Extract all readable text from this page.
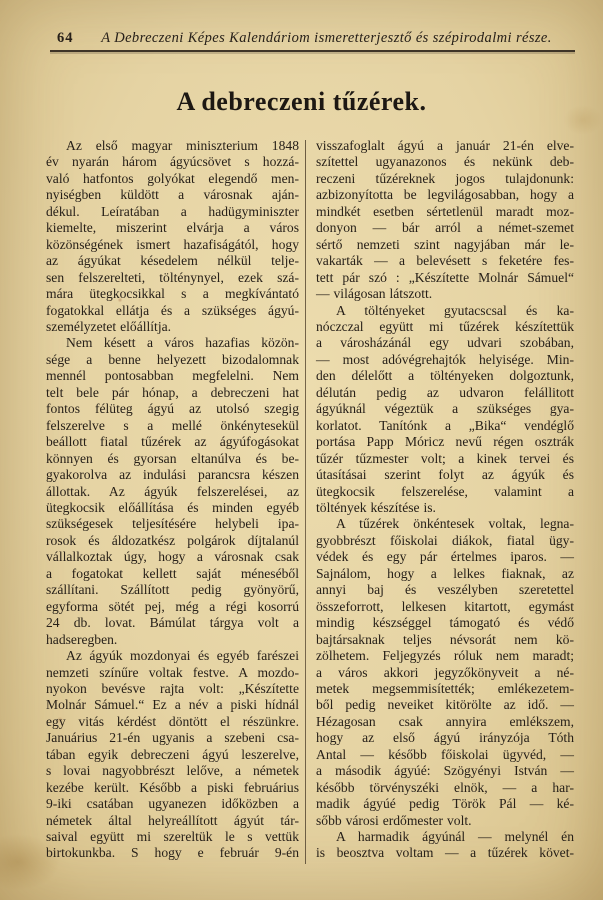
64	A Debreczeni Képes Kalendáriom ismeretterjesztő és szépirodalmi része.
A debreczeni tűzérek.
Az első magyar miniszterium 1848
év nyarán három ágyúcsövet s hozzá-
való hatfontos golyókat elegendő men-
nyiségben küldött a városnak aján-
dékul. Leíratában a hadügyminiszter
kiemelte, miszerint elvárja a város
közönségének ismert hazafiságától, hogy
az ágyúkat késedelem nélkül telje-
sen felszerelteti, tölténynyel, ezek szá-
mára ütegkocsikkal s a megkívántató
fogatokkal ellátja és a szükséges ágyú-
személyzetet előállítja.
Nem késett a város hazafias közön-
sége a benne helyezett bizodalomnak
mennél pontosabban megfelelni. Nem
telt bele pár hónap, a debreczeni hat
fontos félüteg ágyú az utolsó szegig
felszerelve s a mellé önkénytesekül
beállott fiatal tűzérek az ágyúfogásokat
könnyen és gyorsan eltanúlva és be-
gyakorolva az indulási parancsra készen
állottak. Az ágyúk felszerelései, az
ütegkocsik előállítása és minden egyéb
szükségesek teljesítésére helybeli ipa-
rosok és áldozatkész polgárok díjtalanúl
vállalkoztak úgy, hogy a városnak csak
a fogatokat kellett saját méneséből
szállítani. Szállított pedig gyönyörű,
egyforma sötét pej, még a régi kosorrú
24 db. lovat. Bámúlat tárgya volt a
hadseregben.
Az ágyúk mozdonyai és egyéb farészei
nemzeti színűre voltak festve. A mozdo-
nyokon bevésve rajta volt: „Készítette
Molnár Sámuel.“ Ez a név a piski hídnál
egy vitás kérdést döntött el részünkre.
Januárius 21-én ugyanis a szebeni csa-
tában egyik debreczeni ágyú leszerelve,
s lovai nagyobbrészt lelőve, a németek
kezébe került. Később a piski februárius
9-iki csatában ugyanezen időközben a
németek által helyreállított ágyút tár-
saival együtt mi szereltük le s vettük
birtokunkba. S hogy e február 9-én
visszafoglalt ágyú a január 21-én elve-
szítettel ugyanazonos és nekünk deb-
reczeni tűzéreknek jogos tulajdonunk:
azbizonyította be legvilágosabban, hogy a
mindkét esetben sértetlenül maradt moz-
donyon — bár arról a német-szemet
sértő nemzeti szint nagyjában már le-
vakarták — a belevésett s feketére fes-
tett pár szó : „Készítette Molnár Sámuel“
— világosan látszott.
A töltényeket gyutacscsal és ka-
nóczczal együtt mi tűzérek készítettük
a városházánál egy udvari szobában,
— most adóvégrehajtók helyisége. Min-
den délelőtt a töltényeken dolgoztunk,
délután pedig az udvaron felállitott
ágyúknál végeztük a szükséges gya-
korlatot. Tanítónk a „Bika“ vendéglő
portása Papp Móricz nevű régen osztrák
tűzér tűzmester volt; a kinek tervei és
útasításai szerint folyt az ágyúk és
ütegkocsik felszerelése, valamint a
töltények készítése is.
A tűzérek önkéntesek voltak, legna-
gyobbrészt főiskolai diákok, fiatal ügy-
védek és egy pár értelmes iparos. —
Sajnálom, hogy a lelkes fiaknak, az
annyi baj és veszélyben szeretettel
összeforrott, lelkesen kitartott, egymást
mindig készséggel támogató és védő
bajtársaknak teljes névsorát nem kö-
zölhetem. Feljegyzés róluk nem maradt;
a város akkori jegyzőkönyveit a né-
metek megsemmisítették; emlékezetem-
ből pedig neveiket kitörölte az idő. —
Hézagosan csak annyira emlékszem,
hogy az első ágyú irányzója Tóth
Antal — később főiskolai ügyvéd, —
a második ágyúé: Szögyényi István —
később törvényszéki elnök, — a har-
madik ágyúé pedig Török Pál — ké-
sőbb városi erdőmester volt.
A harmadik ágyúnál — melynél én
is beosztva voltam — a tűzérek követ-
